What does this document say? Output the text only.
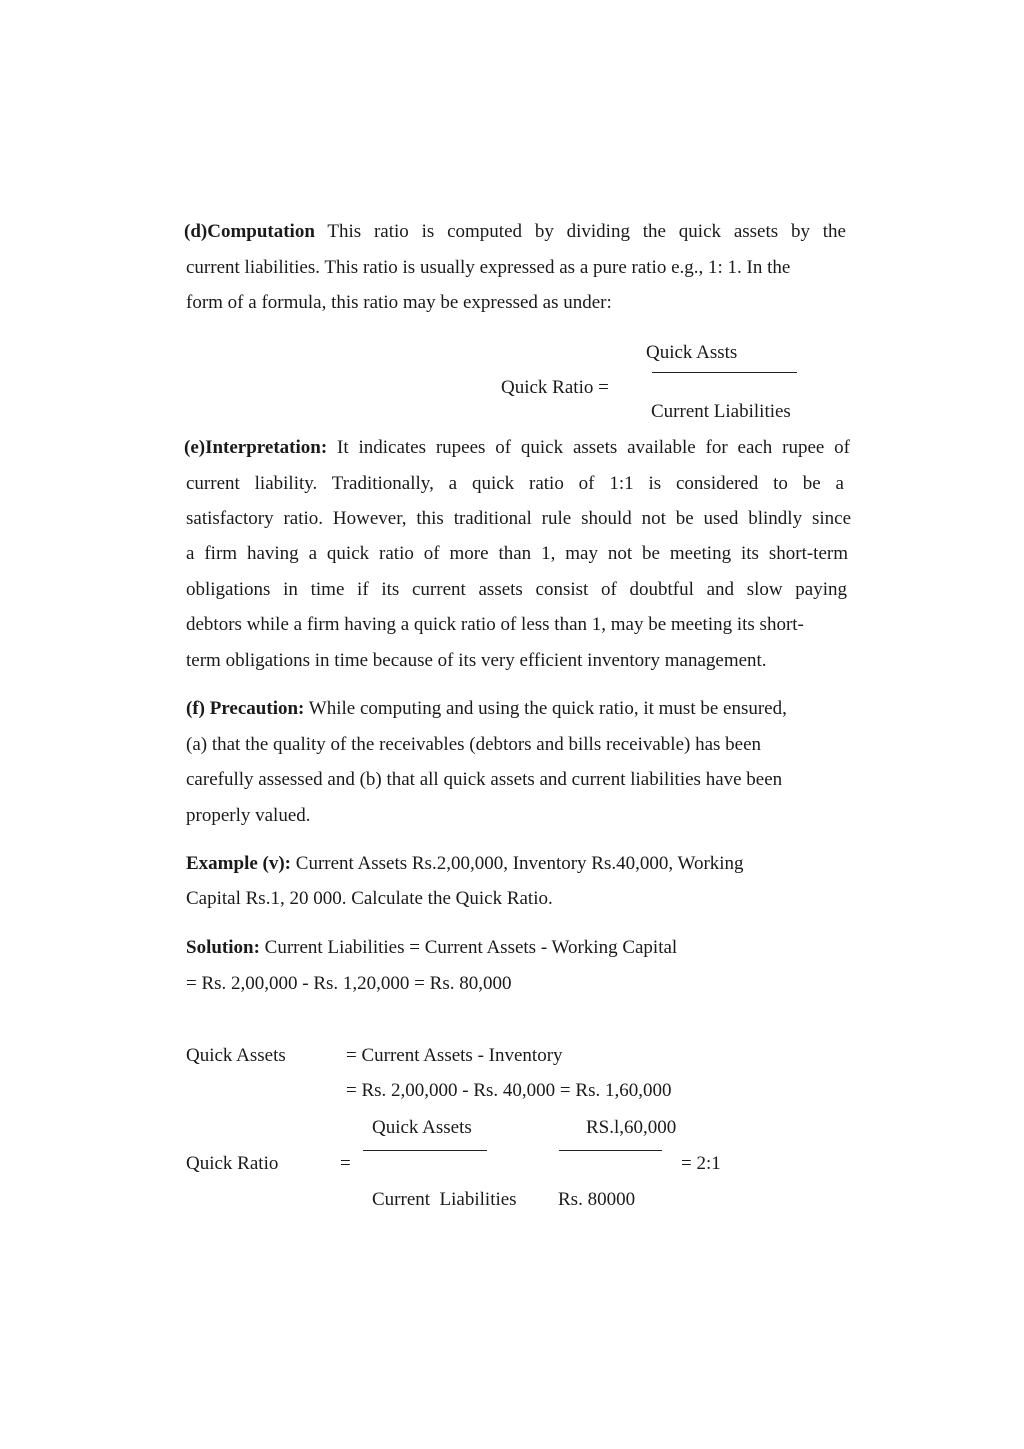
(d)Computation This ratio is computed by dividing the quick assets by the
current liabilities. This ratio is usually expressed as a pure ratio e.g., 1: 1. In the
form of a formula, this ratio may be expressed as under:
Quick Assts
Quick Ratio =
Current Liabilities
(e)Interpretation: It indicates rupees of quick assets available for each rupee of
current liability. Traditionally, a quick ratio of 1:1 is considered to be a
satisfactory ratio. However, this traditional rule should not be used blindly since
a firm having a quick ratio of more than 1, may not be meeting its short-term
obligations in time if its current assets consist of doubtful and slow paying
debtors while a firm having a quick ratio of less than 1, may be meeting its short-
term obligations in time because of its very efficient inventory management.
(f) Precaution: While computing and using the quick ratio, it must be ensured,
(a) that the quality of the receivables (debtors and bills receivable) has been
carefully assessed and (b) that all quick assets and current liabilities have been
properly valued.
Example (v): Current Assets Rs.2,00,000, Inventory Rs.40,000, Working
Capital Rs.1, 20 000. Calculate the Quick Ratio.
Solution: Current Liabilities = Current Assets - Working Capital
= Rs. 2,00,000 - Rs. 1,20,000 = Rs. 80,000
Quick Assets	= Current Assets - Inventory
= Rs. 2,00,000 - Rs. 40,000 = Rs. 1,60,000
Quick Assets	RS.l,60,000
Quick Ratio	=	= 2:1
Current  Liabilities Rs. 80000
